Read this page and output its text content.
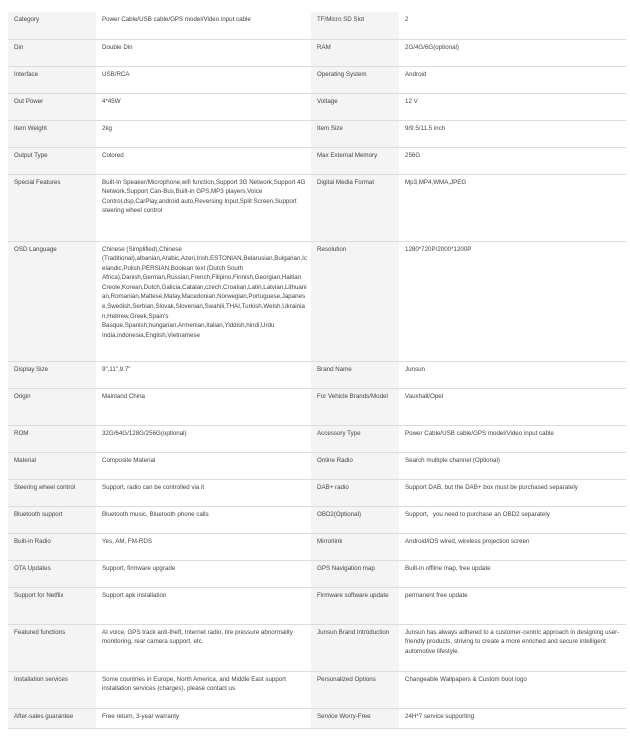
Category	Power Cable/USB cable/GPS model/Video input cable	TF/Micro SD Slot	2
Din	Double Din	RAM	2G/4G/6G(optional)
Interface	USB/RCA	Operating System	Android
Out Power	4*45W	Voltage	12 V
Item Weight	2kg	Item Size	9/9.5/11.5 inch
Output Type	Colored	Max External Memory	256G
Special Features	Built-In Speaker/Microphone,wifi function,Support 3G Network,Support 4G Network,Support Can-Bus,Built-in GPS,MP3 players,Voice Control,dsp,CarPlay,android auto,Reversing Input,Split Screen,Support steering wheel control	Digital Media Format	Mp3,MP4,WMA,JPEG
OSD Language	Chinese (Simplified),Chinese (Traditional),albanian,Arabic,Azeri,Irish,ESTONIAN,Belarusian,Bulgarian,Icelandic,Polish,PERSIAN,Boolean text (Dutch South Africa),Danish,German,Russian,French,Filipino,Finnish,Georgian,Haitian Creole,Korean,Dutch,Galicia,Catalan,czech,Croatian,Latin,Latvian,Lithuanian,Romanian,Maltese,Malay,Macedonian,Norwegian,Portuguese,Japanese,Swedish,Serbian,Slovak,Slovenian,Swahili,THAI,Turkish,Welsh,Ukrainian,Hebrew,Greek,Spain's Basque,Spanish,hungarian,Armenian,Italian,Yiddish,hindi,Urdu India,indonesia,English,Vietnamese	Resolution	1280*720P/2000*1200P
Display Size	9",11",9.7"	Brand Name	Junsun
Origin	Mainland China	For Vehicle Brands/Model	Vauxhall/Opel
ROM	32G/64G/128G/256G(optional)	Accessory Type	Power Cable/USB cable/GPS model/Video input cable
Material	Composite Material	Online Radio	Search multiple channel (Optional)
Steering wheel control	Support, radio can be controlled via it	DAB+ radio	Support DAB, but the DAB+ box must be purchased separately
Bluetooth support	Bluetooth music, Bluetooth phone calls	OBD2(Optional)	Support，you need to purchase an OBD2 separately
Built-in Radio	Yes, AM, FM-RDS	Mirrorlink	Android/iOS wired, wireless projection screen
OTA Updates	Support, firmware upgrade	GPS Navigation map	Built-in offline map, free update
Support for Netflix	Support apk installation	Firmware software update	permanent free update
Featured functions	AI voice, GPS track anti-theft, Internet radio, tire pressure abnormality monitoring, rear camera support, etc.	Junsun Brand Introduction	Junsun has always adhered to a customer-centric approach in designing user-friendly products, striving to create a more enriched and secure intelligent automotive lifestyle.
Installation services	Some countries in Europe, North America, and Middle East support installation services (charges), please contact us	Personalized Options	Changeable Wallpapers & Custom boot logo
After-sales guarantee	Free return, 3-year warranty	Service Worry-Free	24H*7 service supporting
